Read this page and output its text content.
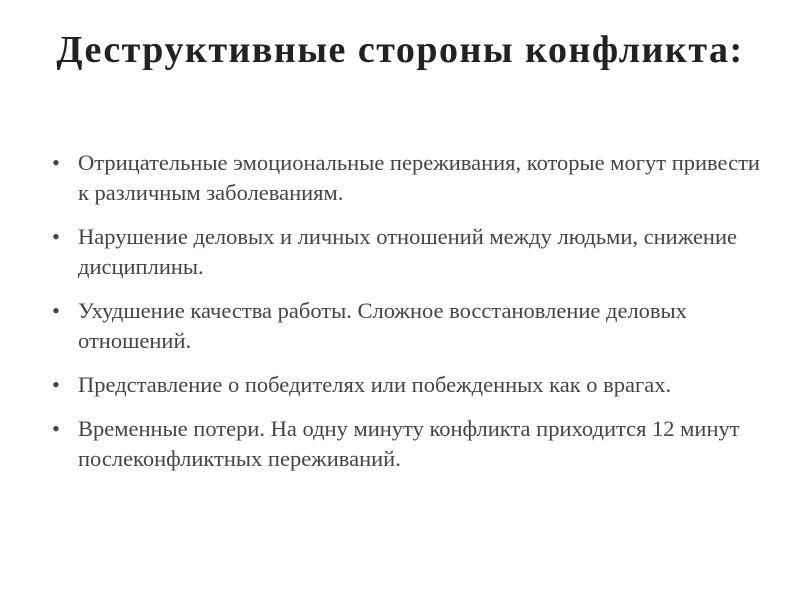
Деструктивные стороны конфликта:
• Отрицательные эмоциональные переживания, которые могут привести к различным заболеваниям.
• Нарушение деловых и личных отношений между людьми, снижение дисциплины.
• Ухудшение качества работы. Сложное восстановление деловых отношений.
• Представление о победителях или побежденных как о врагах.
• Временные потери. На одну минуту конфликта приходится 12 минут послеконфликтных переживаний.
